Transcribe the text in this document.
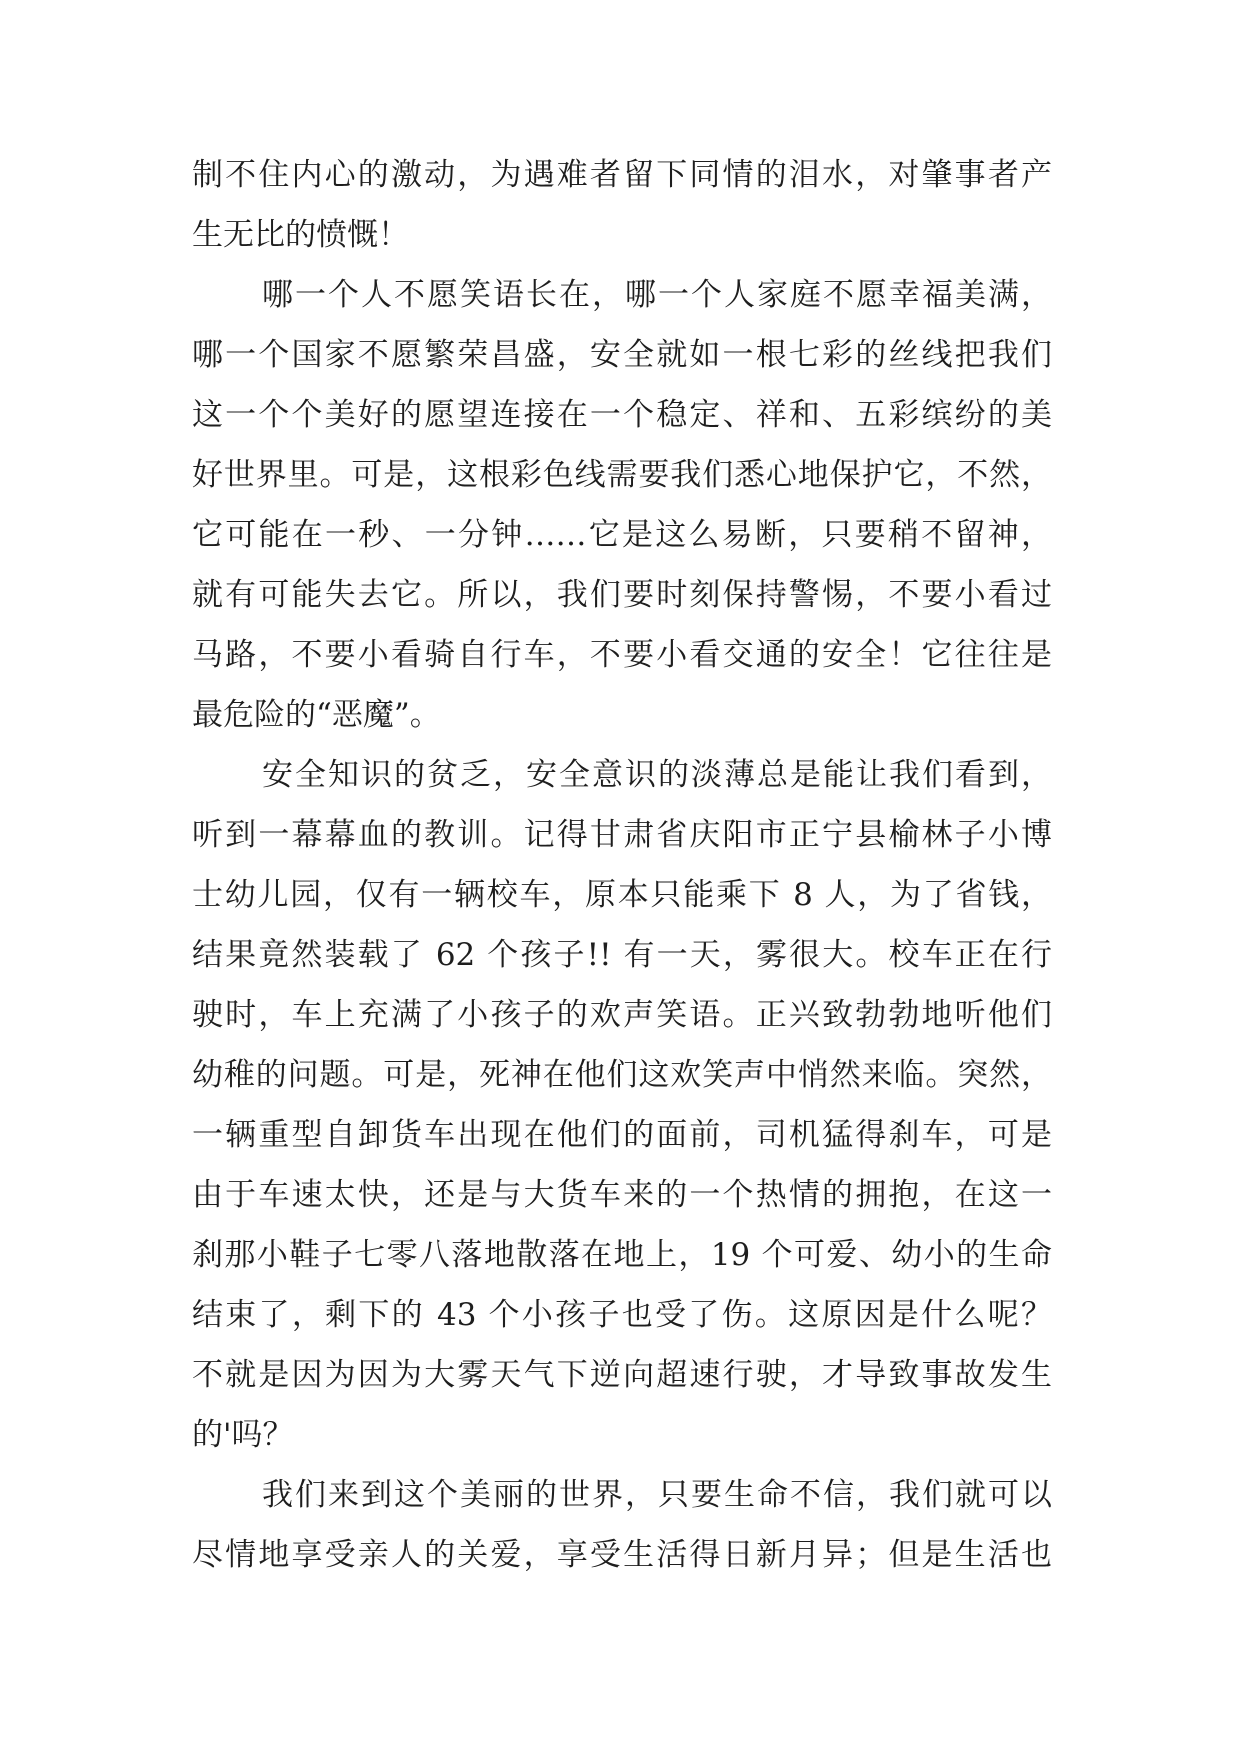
制不住内心的激动，为遇难者留下同情的泪水，对肇事者产
生无比的愤慨！
哪一个人不愿笑语长在，哪一个人家庭不愿幸福美满，
哪一个国家不愿繁荣昌盛，安全就如一根七彩的丝线把我们
这一个个美好的愿望连接在一个稳定、祥和、五彩缤纷的美
好世界里。可是，这根彩色线需要我们悉心地保护它，不然，
它可能在一秒、一分钟……它是这么易断，只要稍不留神，
就有可能失去它。所以，我们要时刻保持警惕，不要小看过
马路，不要小看骑自行车，不要小看交通的安全！它往往是
最危险的“恶魔”。
安全知识的贫乏，安全意识的淡薄总是能让我们看到，
听到一幕幕血的教训。记得甘肃省庆阳市正宁县榆林子小博
士幼儿园，仅有一辆校车，原本只能乘下 8 人，为了省钱，
结果竟然装载了 62 个孩子!! 有一天，雾很大。校车正在行
驶时，车上充满了小孩子的欢声笑语。正兴致勃勃地听他们
幼稚的问题。可是，死神在他们这欢笑声中悄然来临。突然，
一辆重型自卸货车出现在他们的面前，司机猛得刹车，可是
由于车速太快，还是与大货车来的一个热情的拥抱，在这一
刹那小鞋子七零八落地散落在地上，19 个可爱、幼小的生命
结束了，剩下的 43 个小孩子也受了伤。这原因是什么呢？
不就是因为因为大雾天气下逆向超速行驶，才导致事故发生
的'吗？
我们来到这个美丽的世界，只要生命不信，我们就可以
尽情地享受亲人的关爱，享受生活得日新月异；但是生活也
